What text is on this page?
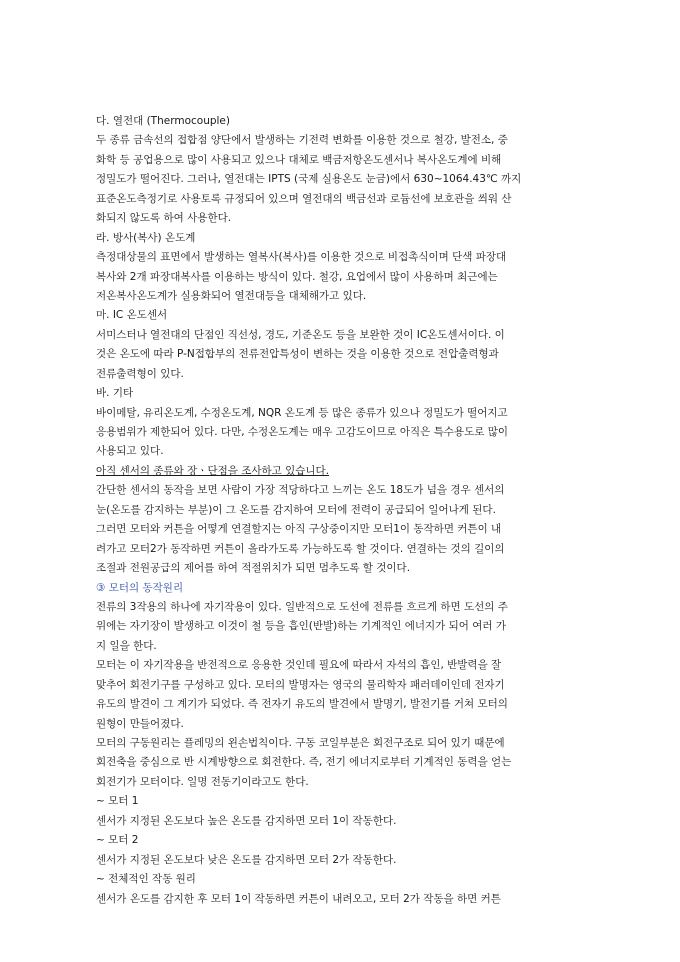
다. 열전대 (Thermocouple)
두 종류 금속선의 접합점 양단에서 발생하는 기전력 변화를 이용한 것으로 철강, 발전소, 중
화학 등 공업용으로 많이 사용되고 있으나 대체로 백금저항온도센서나 복사온도계에 비해
정밀도가 떨어진다. 그러나, 열전대는 IPTS (국제 실용온도 눈금)에서 630~1064.43℃ 까지
표준온도측정기로 사용토록 규정되어 있으며 열전대의 백금선과 로듐선에 보호관을 씌워 산
화되지 않도록 하여 사용한다.
라. 방사(복사) 온도계
측정대상물의 표면에서 발생하는 열복사(복사)를 이용한 것으로 비접촉식이며 단색 파장대
복사와 2개 파장대복사를 이용하는 방식이 있다. 철강, 요업에서 많이 사용하며 최근에는
저온복사온도계가 실용화되어 열전대등을 대체해가고 있다.
마. IC 온도센서
서미스터나 열전대의 단점인 직선성, 경도, 기준온도 등을 보완한 것이 IC온도센서이다. 이
것은 온도에 따라 P-N접합부의 전류전압특성이 변하는 것을 이용한 것으로 전압출력형과
전류출력형이 있다.
바. 기타
바이메탈, 유리온도계, 수정온도계, NQR 온도계 등 많은 종류가 있으나 정밀도가 떨어지고
응용범위가 제한되어 있다. 다만, 수정온도계는 매우 고감도이므로 아직은 특수용도로 많이
사용되고 있다.
아직 센서의 종류와 장ㆍ단점을 조사하고 있습니다.
간단한 센서의 동작을 보면 사람이 가장 적당하다고 느끼는 온도 18도가 넘을 경우 센서의
눈(온도를 감지하는 부분)이 그 온도를 감지하여 모터에 전력이 공급되어 일어나게 된다.
그러면 모터와 커튼을 어떻게 연결할지는 아직 구상중이지만 모터1이 동작하면 커튼이 내
려가고 모터2가 동작하면 커튼이 올라가도록 가능하도록 할 것이다. 연결하는 것의 길이의
조절과 전원공급의 제어를 하여 적절위치가 되면 멈추도록 할 것이다.
③ 모터의 동작원리
전류의 3작용의 하나에 자기작용이 있다. 일반적으로 도선에 전류를 흐르게 하면 도선의 주
위에는 자기장이 발생하고 이것이 철 등을 흡인(반발)하는 기계적인 에너지가 되어 여러 가
지 일을 한다.
모터는 이 자기작용을 반전적으로 응용한 것인데 필요에 따라서 자석의 흡인, 반발력을 잘
맞추어 회전기구를 구성하고 있다. 모터의 발명자는 영국의 물리학자 패러데이인데 전자기
유도의 발견이 그 계기가 되었다. 즉 전자기 유도의 발견에서 발명기, 발전기를 거쳐 모터의
원형이 만들어졌다.
모터의 구동원리는 플레밍의 왼손법칙이다. 구동 코일부분은 회전구조로 되어 있기 때문에
회전축을 중심으로 반 시계방향으로 회전한다. 즉, 전기 에너지로부터 기계적인 동력을 얻는
회전기가 모터이다. 일명 전동기이라고도 한다.
~ 모터 1
센서가 지정된 온도보다 높은 온도를 감지하면 모터 1이 작동한다.
~ 모터 2
센서가 지정된 온도보다 낮은 온도를 감지하면 모터 2가 작동한다.
~ 전체적인 작동 원리
센서가 온도를 감지한 후 모터 1이 작동하면 커튼이 내려오고, 모터 2가 작동을 하면 커튼
